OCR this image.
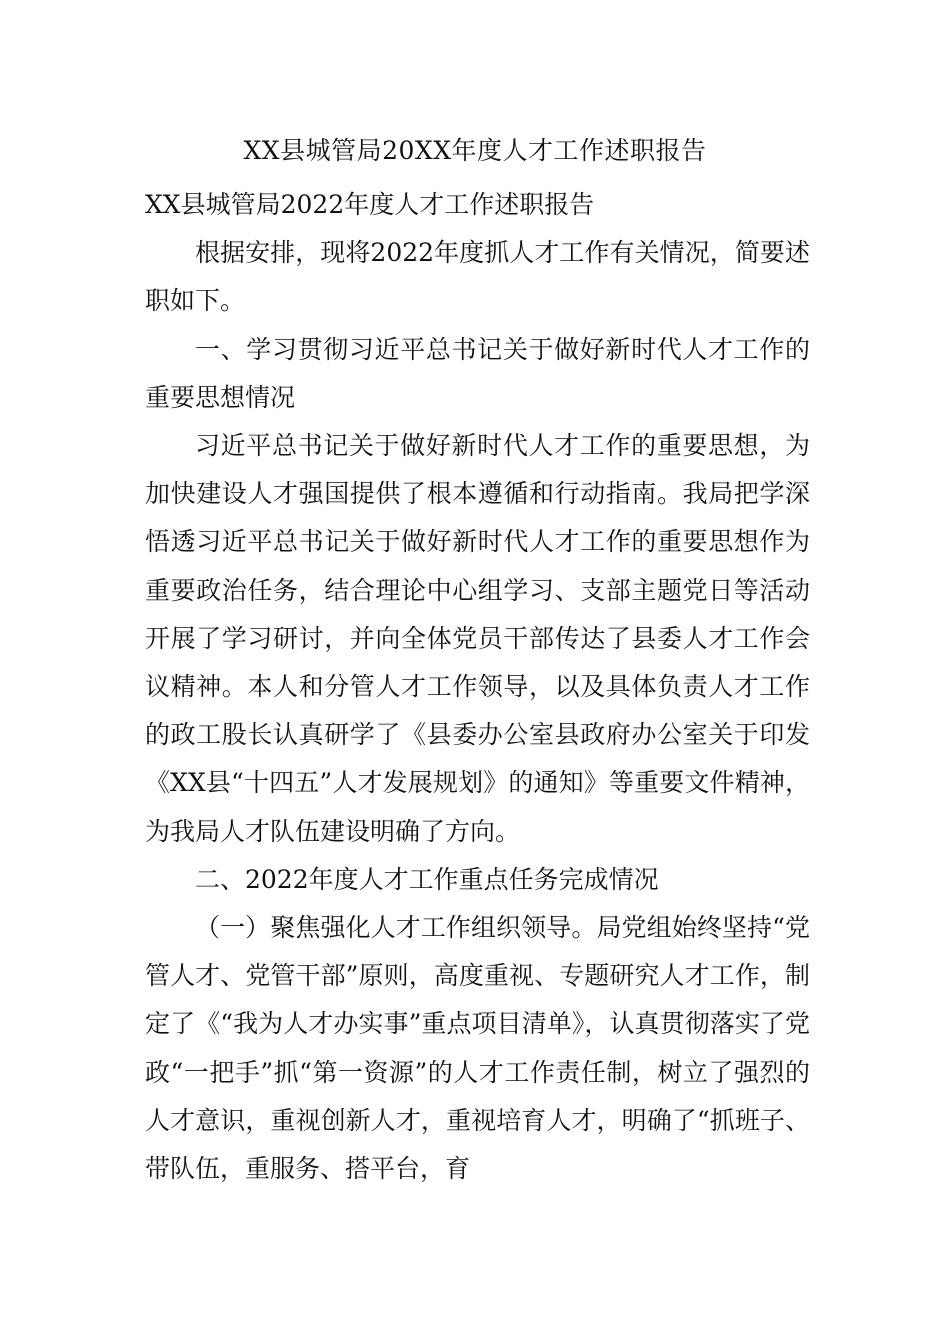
XX县城管局20XX年度人才工作述职报告

XX县城管局2022年度人才工作述职报告

根据安排，现将2022年度抓人才工作有关情况，简要述职如下。

一、学习贯彻习近平总书记关于做好新时代人才工作的重要思想情况

习近平总书记关于做好新时代人才工作的重要思想，为加快建设人才强国提供了根本遵循和行动指南。我局把学深悟透习近平总书记关于做好新时代人才工作的重要思想作为重要政治任务，结合理论中心组学习、支部主题党日等活动开展了学习研讨，并向全体党员干部传达了县委人才工作会议精神。本人和分管人才工作领导，以及具体负责人才工作的政工股长认真研学了《县委办公室县政府办公室关于印发《XX县“十四五”人才发展规划》的通知》等重要文件精神，为我局人才队伍建设明确了方向。

二、2022年度人才工作重点任务完成情况

（一）聚焦强化人才工作组织领导。局党组始终坚持“党管人才、党管干部”原则，高度重视、专题研究人才工作，制定了《“我为人才办实事”重点项目清单》，认真贯彻落实了党政“一把手”抓“第一资源”的人才工作责任制，树立了强烈的人才意识，重视创新人才，重视培育人才，明确了“抓班子、带队伍，重服务、搭平台，育
